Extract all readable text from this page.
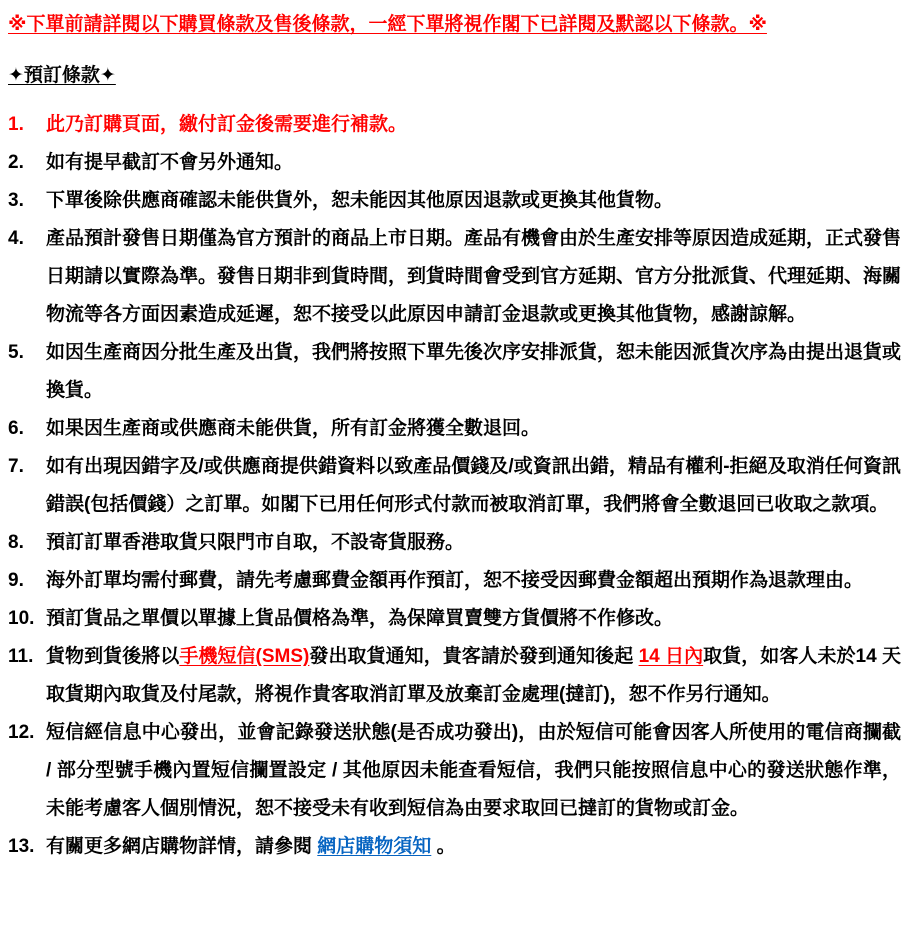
※下單前請詳閱以下購買條款及售後條款，一經下單將視作閣下已詳閱及默認以下條款。※
✦預訂條款✦
1.	此乃訂購頁面，繳付訂金後需要進行補款。
2.	如有提早截訂不會另外通知。
3.	下單後除供應商確認未能供貨外，恕未能因其他原因退款或更換其他貨物。
4.	產品預計發售日期僅為官方預計的商品上市日期。產品有機會由於生產安排等原因造成延期，正式發售日期請以實際為準。發售日期非到貨時間，到貨時間會受到官方延期、官方分批派貨、代理延期、海關物流等各方面因素造成延遲，恕不接受以此原因申請訂金退款或更換其他貨物，感謝諒解。
5.	如因生產商因分批生產及出貨，我們將按照下單先後次序安排派貨，恕未能因派貨次序為由提出退貨或換貨。
6.	如果因生產商或供應商未能供貨，所有訂金將獲全數退回。
7.	如有出現因錯字及/或供應商提供錯資料以致產品價錢及/或資訊出錯，精品有權利-拒絕及取消任何資訊錯誤(包括價錢）之訂單。如閣下已用任何形式付款而被取消訂單，我們將會全數退回已收取之款項。
8.	預訂訂單香港取貨只限門市自取，不設寄貨服務。
9.	海外訂單均需付郵費，請先考慮郵費金額再作預訂，恕不接受因郵費金額超出預期作為退款理由。
10. 預訂貨品之單價以單據上貨品價格為準，為保障買賣雙方貨價將不作修改。
11. 貨物到貨後將以手機短信(SMS)發出取貨通知，貴客請於發到通知後起 14 日內取貨，如客人未於14 天取貨期內取貨及付尾款，將視作貴客取消訂單及放棄訂金處理(撻訂)，恕不作另行通知。
12. 短信經信息中心發出，並會記錄發送狀態(是否成功發出)，由於短信可能會因客人所使用的電信商攔截 / 部分型號手機內置短信攔置設定 / 其他原因未能查看短信，我們只能按照信息中心的發送狀態作準，未能考慮客人個別情況，恕不接受未有收到短信為由要求取回已撻訂的貨物或訂金。
13. 有關更多網店購物詳情，請參閱 網店購物須知 。
